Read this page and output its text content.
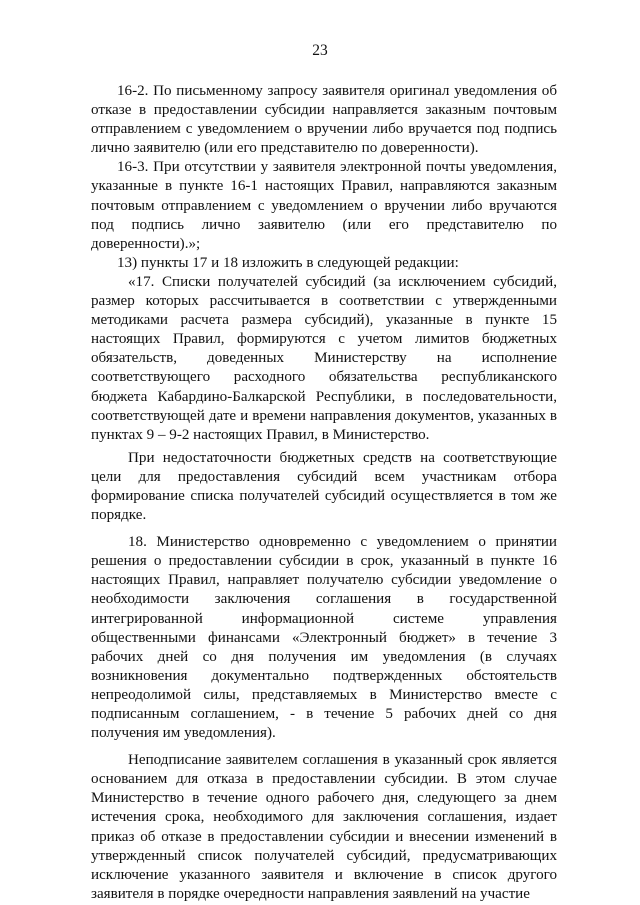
23

16-2. По письменному запросу заявителя оригинал уведомления об отказе в предоставлении субсидии направляется заказным почтовым отправлением с уведомлением о вручении либо вручается под подпись лично заявителю (или его представителю по доверенности).

16-3. При отсутствии у заявителя электронной почты уведомления, указанные в пункте 16-1 настоящих Правил, направляются заказным почтовым отправлением с уведомлением о вручении либо вручаются под подпись лично заявителю (или его представителю по доверенности).»;

13) пункты 17 и 18 изложить в следующей редакции:

«17. Списки получателей субсидий (за исключением субсидий, размер которых рассчитывается в соответствии с утвержденными методиками расчета размера субсидий), указанные в пункте 15 настоящих Правил, формируются с учетом лимитов бюджетных обязательств, доведенных Министерству на исполнение соответствующего расходного обязательства республиканского бюджета Кабардино-Балкарской Республики, в последовательности, соответствующей дате и времени направления документов, указанных в пунктах 9 – 9-2 настоящих Правил, в Министерство.

При недостаточности бюджетных средств на соответствующие цели для предоставления субсидий всем участникам отбора формирование списка получателей субсидий осуществляется в том же порядке.

18. Министерство одновременно с уведомлением о принятии решения о предоставлении субсидии в срок, указанный в пункте 16 настоящих Правил, направляет получателю субсидии уведомление о необходимости заключения соглашения в государственной интегрированной информационной системе управления общественными финансами «Электронный бюджет» в течение 3 рабочих дней со дня получения им уведомления (в случаях возникновения документально подтвержденных обстоятельств непреодолимой силы, представляемых в Министерство вместе с подписанным соглашением, - в течение 5 рабочих дней со дня получения им уведомления).

Неподписание заявителем соглашения в указанный срок является основанием для отказа в предоставлении субсидии. В этом случае Министерство в течение одного рабочего дня, следующего за днем истечения срока, необходимого для заключения соглашения, издает приказ об отказе в предоставлении субсидии и внесении изменений в утвержденный список получателей субсидий, предусматривающих исключение указанного заявителя и включение в список другого заявителя в порядке очередности направления заявлений на участие
